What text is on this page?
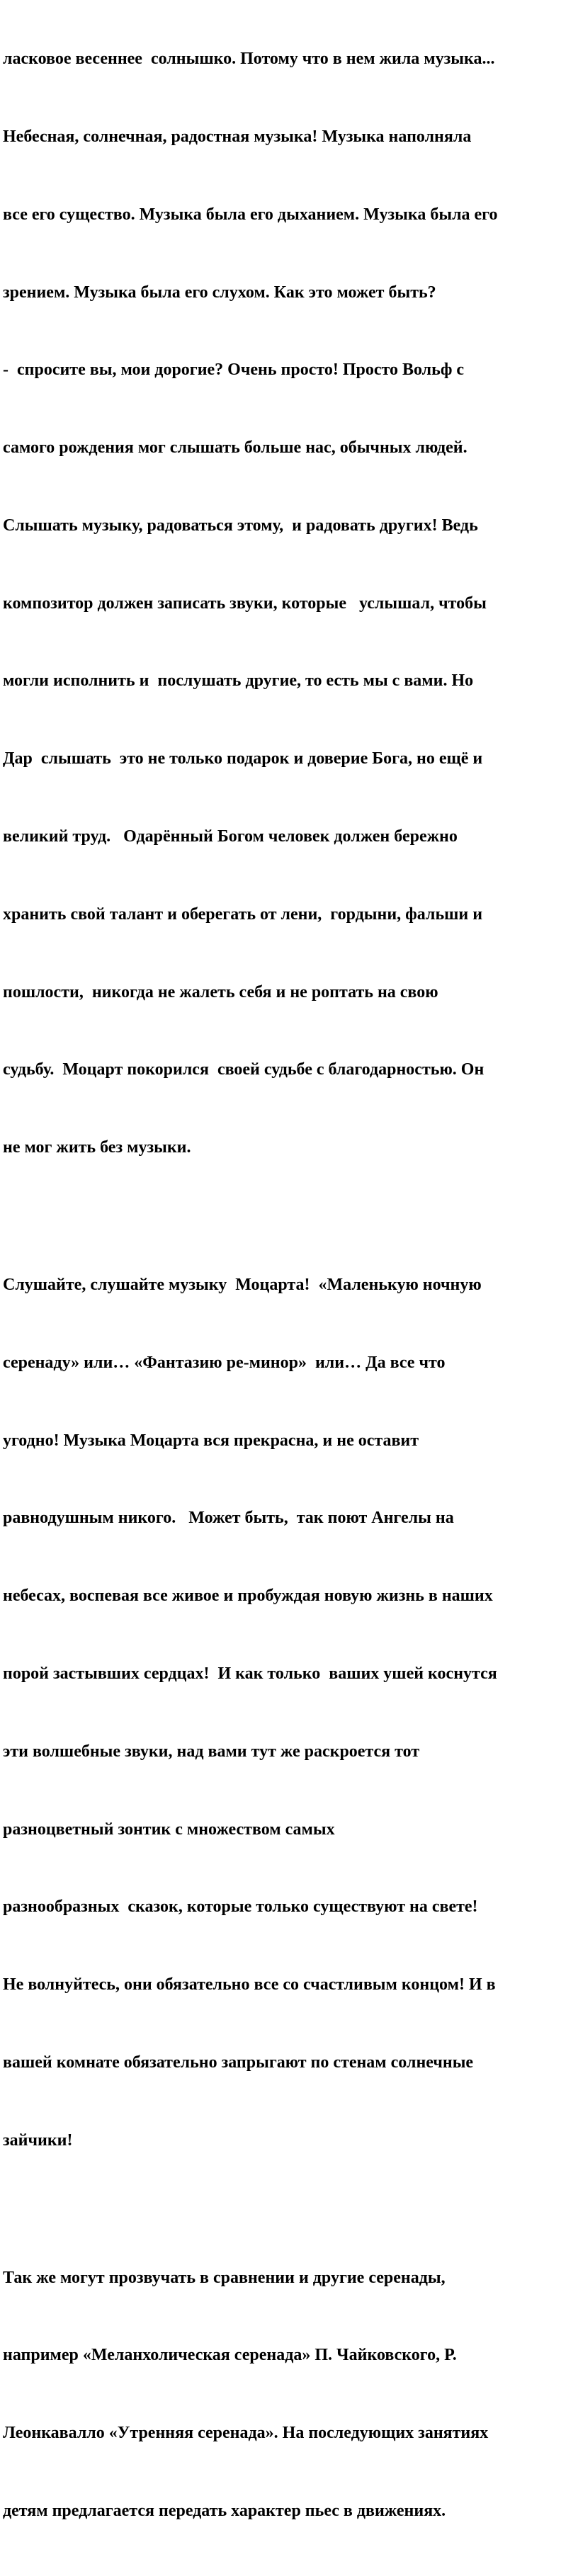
ласковое весеннее  солнышко. Потому что в нем жила музыка...

Небесная, солнечная, радостная музыка! Музыка наполняла

все его существо. Музыка была его дыханием. Музыка была его

зрением. Музыка была его слухом. Как это может быть?

-  спросите вы, мои дорогие? Очень просто! Просто Вольф с

самого рождения мог слышать больше нас, обычных людей.

Слышать музыку, радоваться этому,  и радовать других! Ведь

композитор должен записать звуки, которые   услышал, чтобы

могли исполнить и  послушать другие, то есть мы с вами. Но

Дар  слышать  это не только подарок и доверие Бога, но ещё и

великий труд.   Одарённый Богом человек должен бережно

хранить свой талант и оберегать от лени,  гордыни, фальши и

пошлости,  никогда не жалеть себя и не роптать на свою

судьбу.  Моцарт покорился  своей судьбе с благодарностью. Он

не мог жить без музыки.

Слушайте, слушайте музыку  Моцарта!  «Маленькую ночную

серенаду» или… «Фантазию ре-минор»  или… Да все что

угодно! Музыка Моцарта вся прекрасна, и не оставит

равнодушным никого.   Может быть,  так поют Ангелы на

небесах, воспевая все живое и пробуждая новую жизнь в наших

порой застывших сердцах!  И как только  ваших ушей коснутся

эти волшебные звуки, над вами тут же раскроется тот

разноцветный зонтик с множеством самых

разнообразных  сказок, которые только существуют на свете!

Не волнуйтесь, они обязательно все со счастливым концом! И в

вашей комнате обязательно запрыгают по стенам солнечные

зайчики!

Так же могут прозвучать в сравнении и другие серенады,

например «Меланхолическая серенада» П. Чайковского, Р.

Леонкавалло «Утренняя серенада». На последующих занятиях

детям предлагается передать характер пьес в движениях.
